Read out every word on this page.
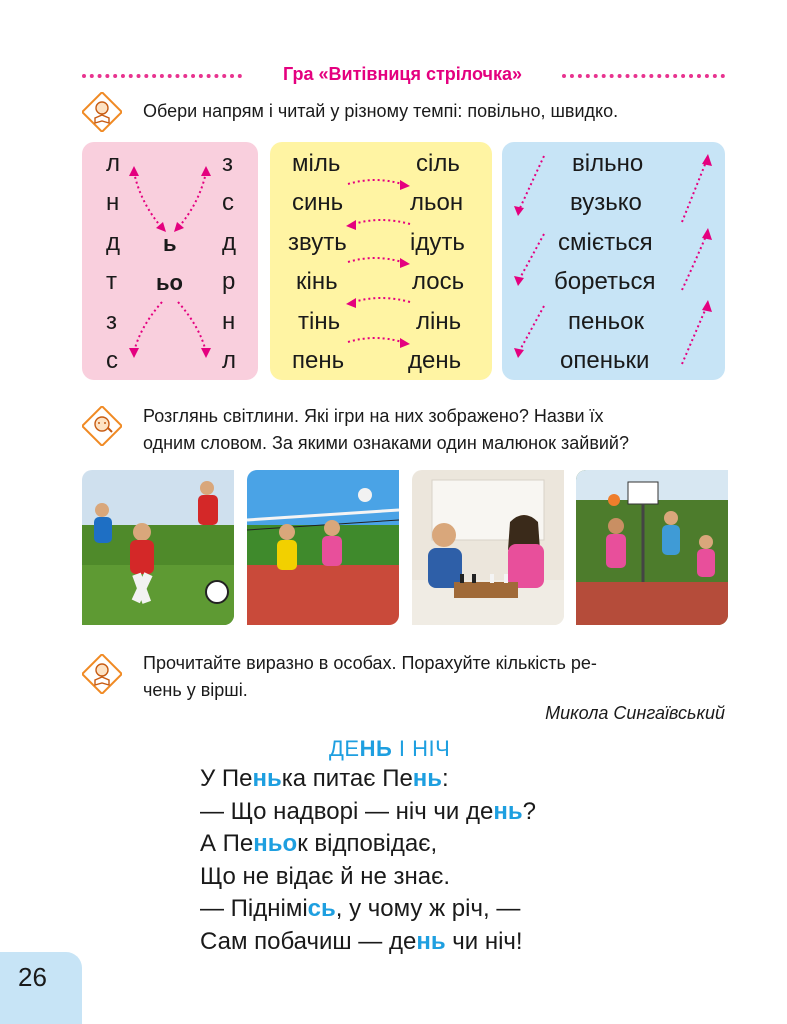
Гра «Витівниця стрілочка»
Обери напрям і читай у різному темпі: повільно, швидко.
л
н
д
т
з
с
ь
ьо
з
с
д
р
н
л
міль
синь
звуть
кінь
тінь
пень
сіль
льон
ідуть
лось
лінь
день
вільно
вузько
сміється
бореться
пеньок
опеньки
Розглянь світлини. Які ігри на них зображено? Назви їх
одним словом. За якими ознаками один малюнок зайвий?
Прочитайте виразно в особах. Порахуйте кількість ре-
чень у вірші.
Микола Сингаївський
ДЕНЬ І НІЧ
У Пенька питає Пень:
— Що надворі — ніч чи день?
А Пеньок відповідає,
Що не відає й не знає.
— Піднімісь, у чому ж річ, —
Сам побачиш — день чи ніч!
26
